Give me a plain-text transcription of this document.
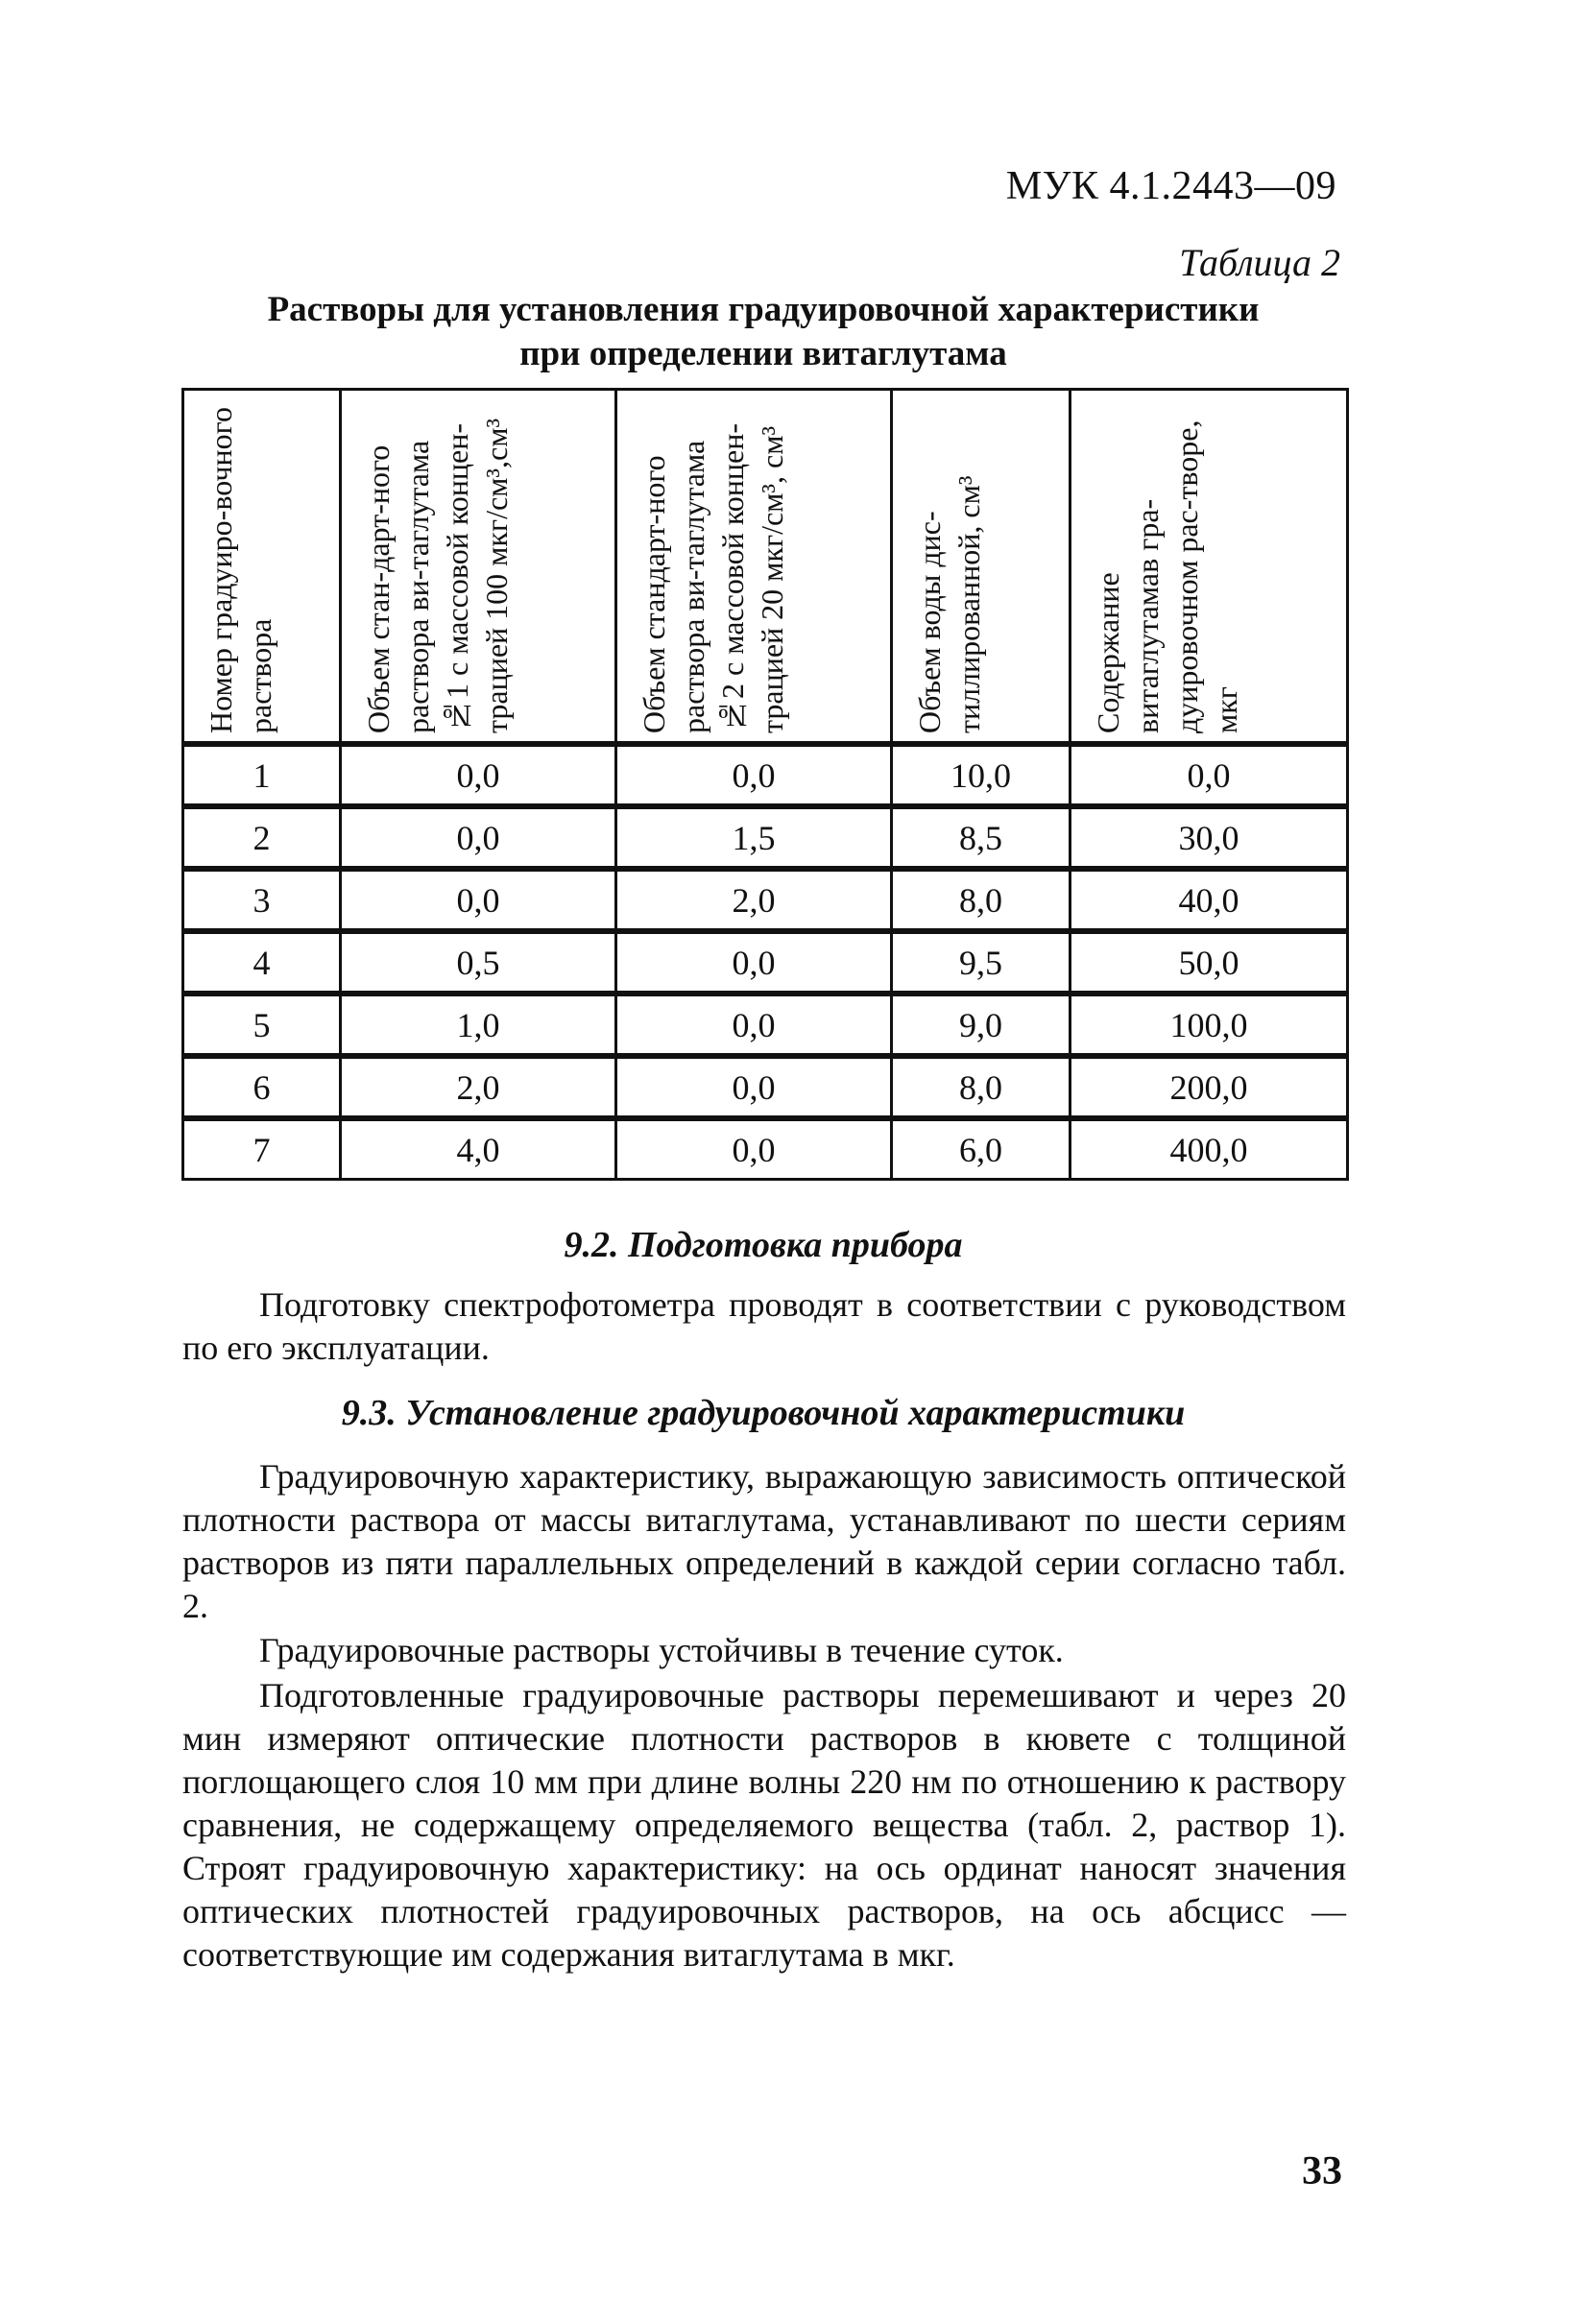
МУК 4.1.2443—09
Таблица 2
Растворы для установления градуировочной характеристики
при определении витаглутама
Номер градуиро-вочного раствора	Объем стан-дарт-ного раствора ви-таглутама №1 с массовой концен-трацией 100 мкг/см³,см³	Объем стандарт-ного раствора ви-таглутама №2 с массовой концен-трацией 20 мкг/см³, см³	Объем воды дис-тиллированной, см³	Содержание витаглутамав гра-дуировочном рас-творе, мкг

1	0,0	0,0	10,0	0,0
2	0,0	1,5	8,5	30,0
3	0,0	2,0	8,0	40,0
4	0,5	0,0	9,5	50,0
5	1,0	0,0	9,0	100,0
6	2,0	0,0	8,0	200,0
7	4,0	0,0	6,0	400,0
9.2. Подготовка прибора

Подготовку спектрофотометра проводят в соответствии с руководством по его эксплуатации.

9.3. Установление градуировочной характеристики

Градуировочную характеристику, выражающую зависимость оптической плотности раствора от массы витаглутама, устанавливают по шести сериям растворов из пяти параллельных определений в каждой серии согласно табл. 2.

Градуировочные растворы устойчивы в течение суток.

Подготовленные градуировочные растворы перемешивают и через 20 мин измеряют оптические плотности растворов в кювете с толщиной поглощающего слоя 10 мм при длине волны 220 нм по отношению к раствору сравнения, не содержащему определяемого вещества (табл. 2, раствор 1). Строят градуировочную характеристику: на ось ординат наносят значения оптических плотностей градуировочных растворов, на ось абсцисс — соответствующие им содержания витаглутама в мкг.

33
